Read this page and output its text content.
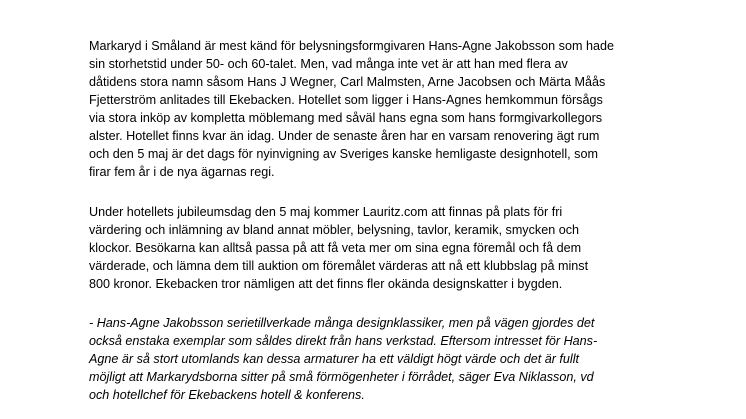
Markaryd i Småland är mest känd för belysningsformgivaren Hans-Agne Jakobsson som hade
sin storhetstid under 50- och 60-talet. Men, vad många inte vet är att han med flera av
dåtidens stora namn såsom Hans J Wegner, Carl Malmsten, Arne Jacobsen och Märta Måås
Fjetterström anlitades till Ekebacken. Hotellet som ligger i Hans-Agnes hemkommun försågs
via stora inköp av kompletta möblemang med såväl hans egna som hans formgivarkollegors
alster. Hotellet finns kvar än idag. Under de senaste åren har en varsam renovering ägt rum
och den 5 maj är det dags för nyinvigning av Sveriges kanske hemligaste designhotell, som
firar fem år i de nya ägarnas regi.

Under hotellets jubileumsdag den 5 maj kommer Lauritz.com att finnas på plats för fri
värdering och inlämning av bland annat möbler, belysning, tavlor, keramik, smycken och
klockor. Besökarna kan alltså passa på att få veta mer om sina egna föremål och få dem
värderade, och lämna dem till auktion om föremålet värderas att nå ett klubbslag på minst
800 kronor. Ekebacken tror nämligen att det finns fler okända designskatter i bygden.

- Hans-Agne Jakobsson serietillverkade många designklassiker, men på vägen gjordes det
också enstaka exemplar som såldes direkt från hans verkstad. Eftersom intresset för Hans-
Agne är så stort utomlands kan dessa armaturer ha ett väldigt högt värde och det är fullt
möjligt att Markarydsborna sitter på små förmögenheter i förrådet, säger Eva Niklasson, vd
och hotellchef för Ekebackens hotell & konferens.
